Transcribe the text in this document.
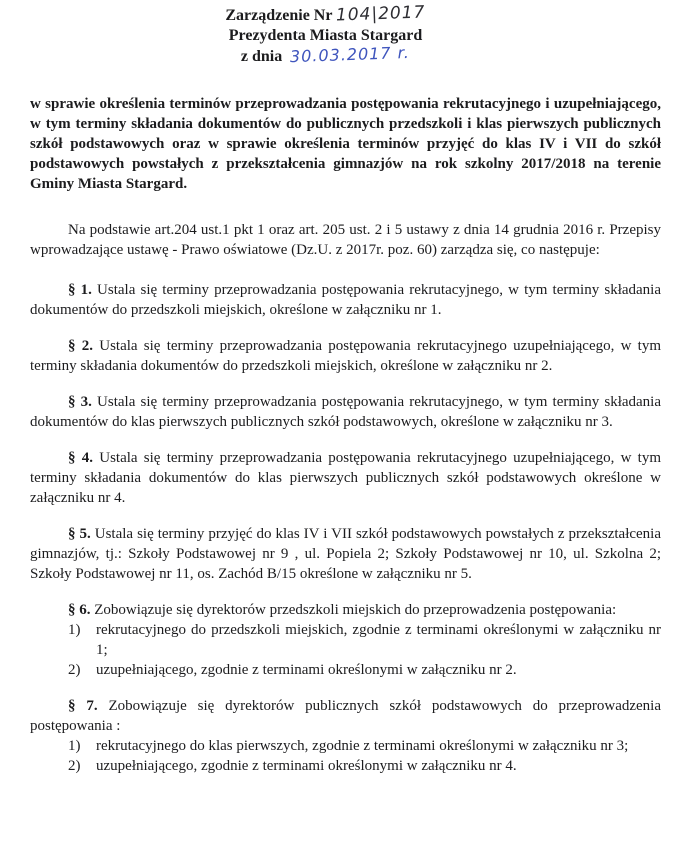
Zarządzenie Nr 104|2017
Prezydenta Miasta Stargard
z dnia 30.03.2017 r.

w sprawie określenia terminów przeprowadzania postępowania rekrutacyjnego i uzupełniającego, w tym terminy składania dokumentów do publicznych przedszkoli i klas pierwszych publicznych szkół podstawowych oraz w sprawie określenia terminów przyjęć do klas IV i VII do szkół podstawowych powstałych z przekształcenia gimnazjów na rok szkolny 2017/2018 na terenie Gminy Miasta Stargard.

Na podstawie art.204 ust.1 pkt 1 oraz art. 205 ust. 2 i 5 ustawy z dnia 14 grudnia 2016 r. Przepisy wprowadzające ustawę - Prawo oświatowe (Dz.U. z 2017r. poz. 60) zarządza się, co następuje:

§ 1. Ustala się terminy przeprowadzania postępowania rekrutacyjnego, w tym terminy składania dokumentów do przedszkoli miejskich, określone w załączniku nr 1.

§ 2. Ustala się terminy przeprowadzania postępowania rekrutacyjnego uzupełniającego, w tym terminy składania dokumentów do przedszkoli miejskich, określone w załączniku nr 2.

§ 3. Ustala się terminy przeprowadzania postępowania rekrutacyjnego, w tym terminy składania dokumentów do klas pierwszych publicznych szkół podstawowych, określone w załączniku nr 3.

§ 4. Ustala się terminy przeprowadzania postępowania rekrutacyjnego uzupełniającego, w tym terminy składania dokumentów do klas pierwszych publicznych szkół podstawowych określone w załączniku nr 4.

§ 5. Ustala się terminy przyjęć do klas IV i VII szkół podstawowych powstałych z przekształcenia gimnazjów, tj.: Szkoły Podstawowej nr 9 , ul. Popiela 2; Szkoły Podstawowej nr 10, ul. Szkolna 2; Szkoły Podstawowej nr 11, os. Zachód B/15 określone w załączniku nr 5.

§ 6. Zobowiązuje się dyrektorów przedszkoli miejskich do przeprowadzenia postępowania:

1)	rekrutacyjnego do przedszkoli miejskich, zgodnie z terminami określonymi w załączniku nr 1;
2)	uzupełniającego, zgodnie z terminami określonymi w załączniku nr 2.

§ 7. Zobowiązuje się dyrektorów publicznych szkół podstawowych do przeprowadzenia postępowania :

1)	rekrutacyjnego do klas pierwszych, zgodnie z terminami określonymi w załączniku nr 3;
2)	uzupełniającego, zgodnie z terminami określonymi w załączniku nr 4.
